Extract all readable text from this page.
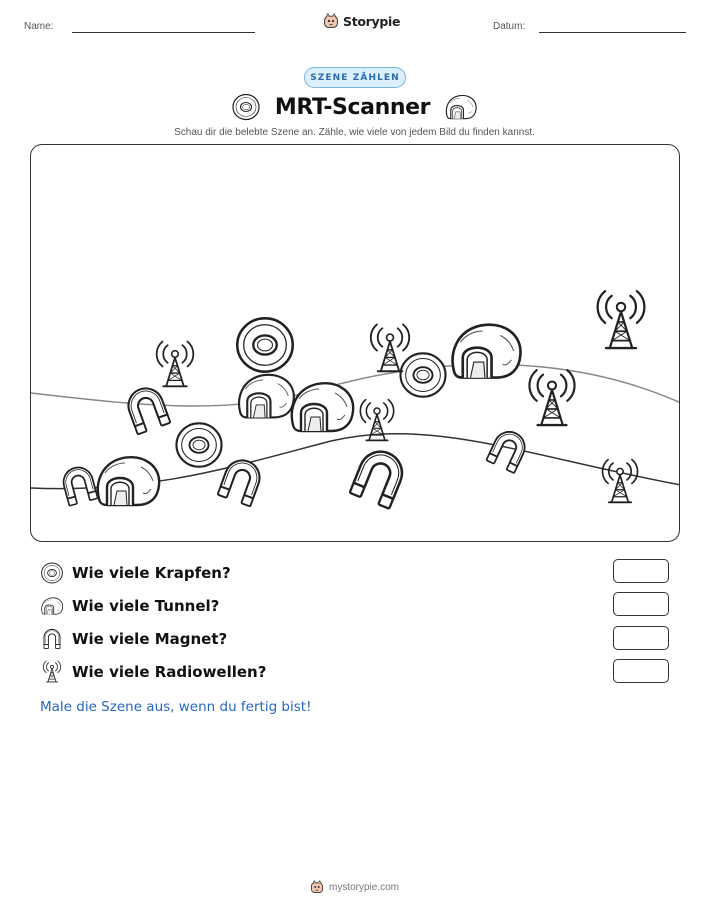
Name:	Storypie	Datum:
SZENE ZÄHLEN
MRT-Scanner
Schau dir die belebte Szene an. Zähle, wie viele von jedem Bild du finden kannst.
Wie viele Krapfen?
Wie viele Tunnel?
Wie viele Magnet?
Wie viele Radiowellen?
Male die Szene aus, wenn du fertig bist!
mystorypie.com
